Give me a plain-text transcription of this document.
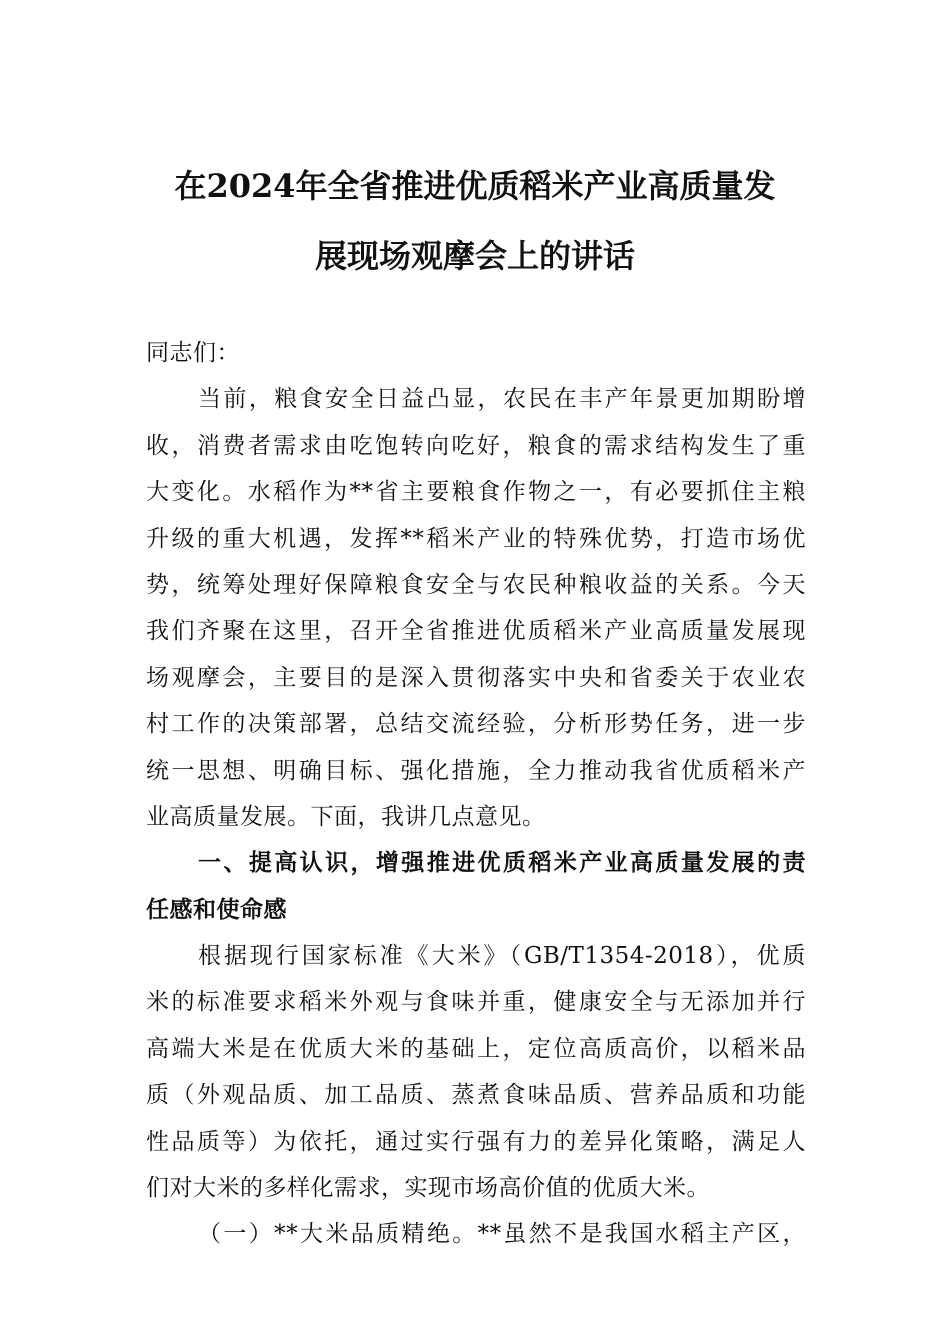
在2024年全省推进优质稻米产业高质量发
展现场观摩会上的讲话
同志们：
当前，粮食安全日益凸显，农民在丰产年景更加期盼增
收，消费者需求由吃饱转向吃好，粮食的需求结构发生了重
大变化。水稻作为**省主要粮食作物之一，有必要抓住主粮
升级的重大机遇，发挥**稻米产业的特殊优势，打造市场优
势，统筹处理好保障粮食安全与农民种粮收益的关系。今天
我们齐聚在这里，召开全省推进优质稻米产业高质量发展现
场观摩会，主要目的是深入贯彻落实中央和省委关于农业农
村工作的决策部署，总结交流经验，分析形势任务，进一步
统一思想、明确目标、强化措施，全力推动我省优质稻米产
业高质量发展。下面，我讲几点意见。
一、提高认识，增强推进优质稻米产业高质量发展的责
任感和使命感
根据现行国家标准《大米》（GB/T1354-2018），优质
米的标准要求稻米外观与食味并重，健康安全与无添加并行
高端大米是在优质大米的基础上，定位高质高价，以稻米品
质（外观品质、加工品质、蒸煮食味品质、营养品质和功能
性品质等）为依托，通过实行强有力的差异化策略，满足人
们对大米的多样化需求，实现市场高价值的优质大米。
（一）**大米品质精绝。**虽然不是我国水稻主产区，
